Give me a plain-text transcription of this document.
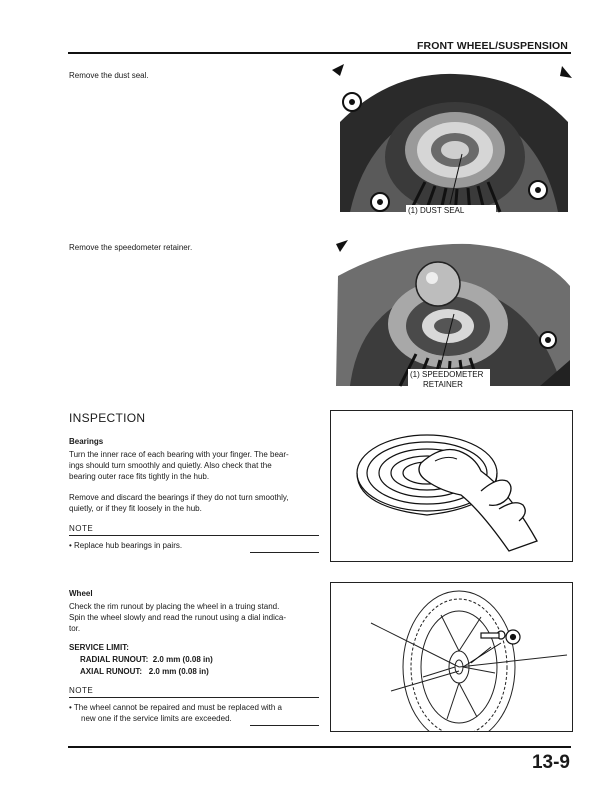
FRONT WHEEL/SUSPENSION
Remove the dust seal.
(1) DUST SEAL
Remove the speedometer retainer.
(1) SPEEDOMETER
RETAINER
INSPECTION
Bearings
Turn the inner race of each bearing with your finger. The bear-
ings should turn smoothly and quietly. Also check that the
bearing outer race fits tightly in the hub.
Remove and discard the bearings if they do not turn smoothly,
quietly, or if they fit loosely in the hub.
NOTE
• Replace hub bearings in pairs.
Wheel
Check the rim runout by placing the wheel in a truing stand.
Spin the wheel slowly and read the runout using a dial indica-
tor.
SERVICE LIMIT:
RADIAL RUNOUT:  2.0 mm (0.08 in)
AXIAL RUNOUT:   2.0 mm (0.08 in)
NOTE
• The wheel cannot be repaired and must be replaced with a
new one if the service limits are exceeded.
13-9
